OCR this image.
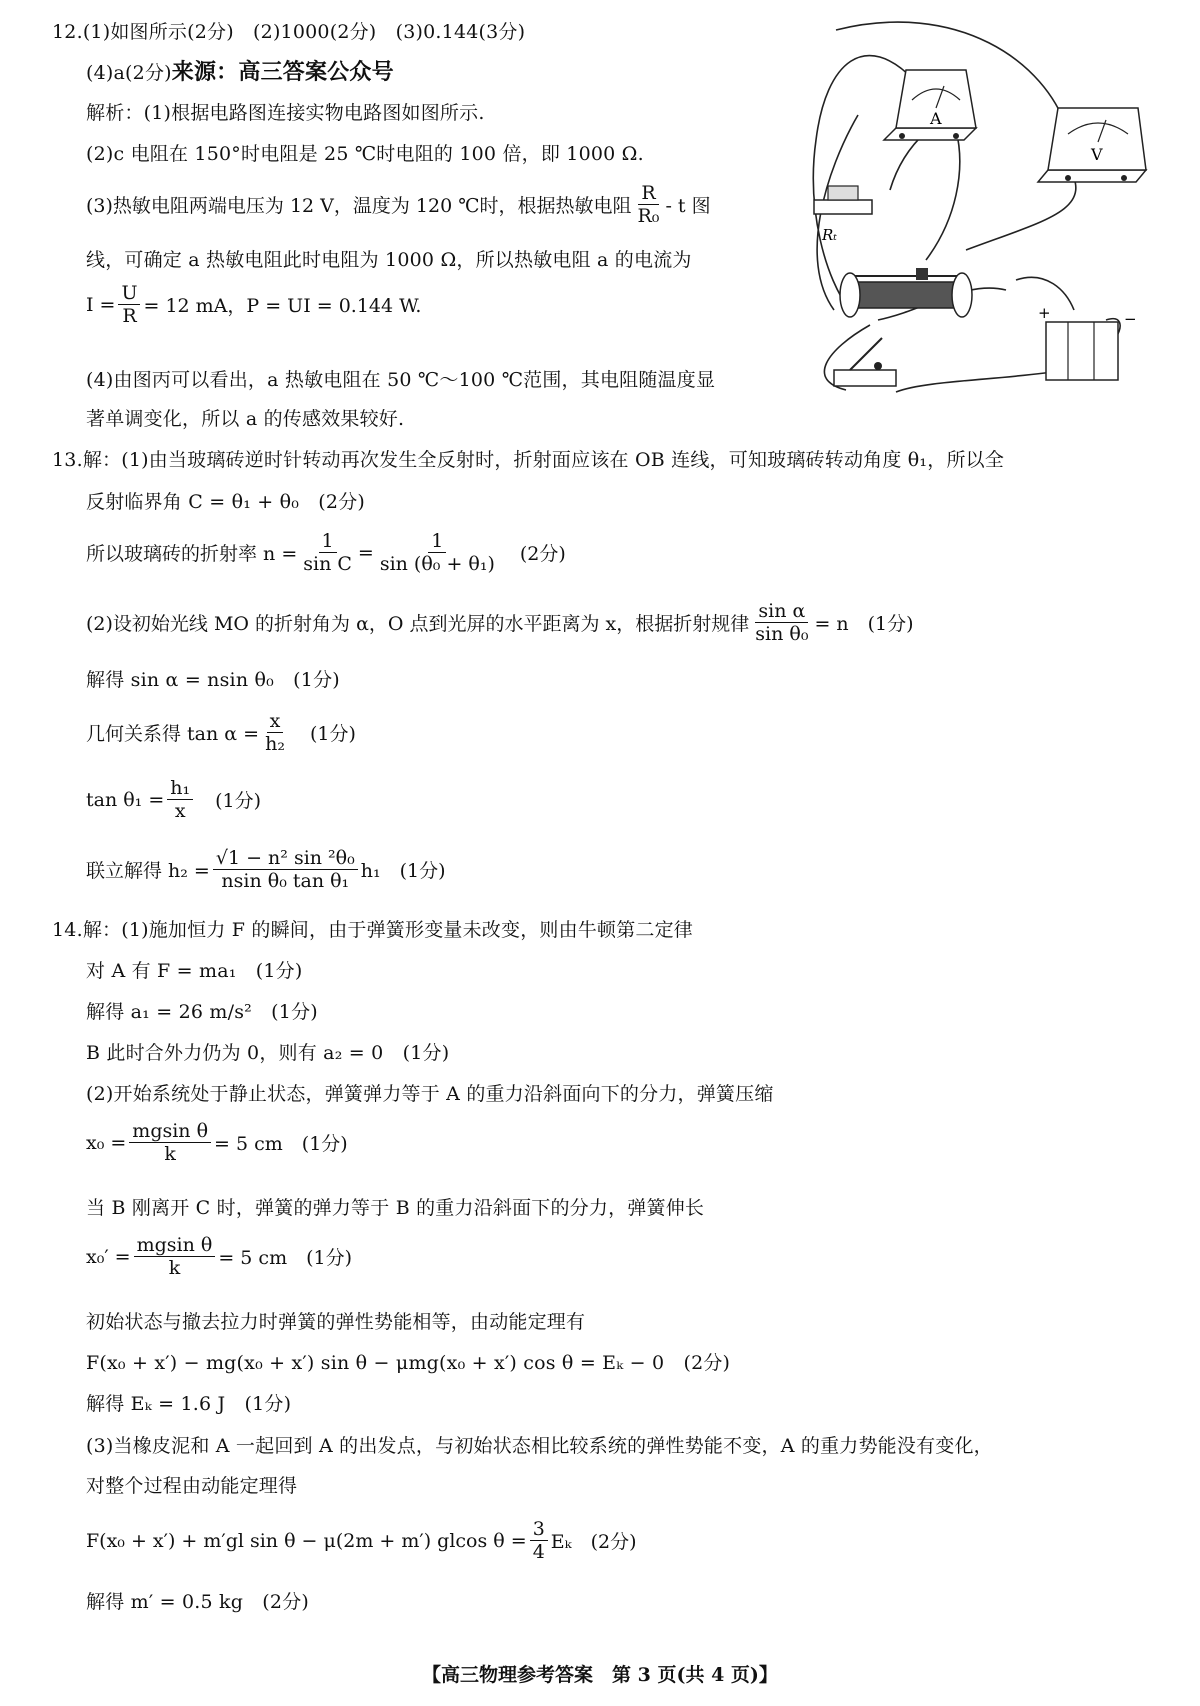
12.(1)如图所示(2分)　(2)1000(2分)　(3)0.144(3分)
(4)a(2分)来源：高三答案公众号
解析：(1)根据电路图连接实物电路图如图所示.
(2)c 电阻在 150°时电阻是 25 ℃时电阻的 100 倍，即 1000 Ω.
(3)热敏电阻两端电压为 12 V，温度为 120 ℃时，根据热敏电阻 $\frac{R}{\text{R₀}}$ - t 图
线，可确定 a 热敏电阻此时电阻为 1000 Ω，所以热敏电阻 a 的电流为
$I = \frac{U}{R} = 12$ mA，P = UI = 0.144 W.
(4)由图丙可以看出，a 热敏电阻在 50 ℃～100 ℃范围，其电阻随温度显
著单调变化，所以 a 的传感效果较好.
13.解：(1)由当玻璃砖逆时针转动再次发生全反射时，折射面应该在 OB 连线，可知玻璃砖转动角度 θ₁，所以全
反射临界角 C = θ₁ + θ₀　(2分)
所以玻璃砖的折射率 $n = \frac{1}{\text{sin C}} = \frac{1}{\text{sin (θ₀ + θ₁)}}$ 　(2分)
(2)设初始光线 MO 的折射角为 α，O 点到光屏的水平距离为 x，根据折射规律 $\frac{\text{sin α}}{\text{sin θ₀}} = n$　(1分)
解得 sin α = nsin θ₀　(1分)
几何关系得 $\tan \alpha = \frac{x}{\text{h₂}}$ 　(1分)
$\tan \theta_1 = \frac{\text{h₁}}{x}$ 　(1分)
联立解得 $h_2 = \frac{\text{√1 − n² sin ²θ₀}}{\text{nsin θ₀ tan θ₁}} h_1$　(1分)
14.解：(1)施加恒力 F 的瞬间，由于弹簧形变量未改变，则由牛顿第二定律
对 A 有 F = ma₁　(1分)
解得 a₁ = 26 m/s²　(1分)
B 此时合外力仍为 0，则有 a₂ = 0　(1分)
(2)开始系统处于静止状态，弹簧弹力等于 A 的重力沿斜面向下的分力，弹簧压缩
$x_0 = \frac{\text{mgsin θ}}{k} = 5$ cm　(1分)
当 B 刚离开 C 时，弹簧的弹力等于 B 的重力沿斜面下的分力，弹簧伸长
$x_0' = \frac{\text{mgsin θ}}{k} = 5$ cm　(1分)
初始状态与撤去拉力时弹簧的弹性势能相等，由动能定理有
F(x₀ + x′) − mg(x₀ + x′) sin θ − μmg(x₀ + x′) cos θ = Eₖ − 0　(2分)
解得 Eₖ = 1.6 J　(1分)
(3)当橡皮泥和 A 一起回到 A 的出发点，与初始状态相比较系统的弹性势能不变，A 的重力势能没有变化，
对整个过程由动能定理得
F(x₀ + x′) + m′gl sin θ − μ(2m + m′) glcos $\theta = \frac{3}{4}$ Eₖ　(2分)
解得 m′ = 0.5 kg　(2分)
A
V
Rₜ
+	−
【高三物理参考答案　第 3 页(共 4 页)】
